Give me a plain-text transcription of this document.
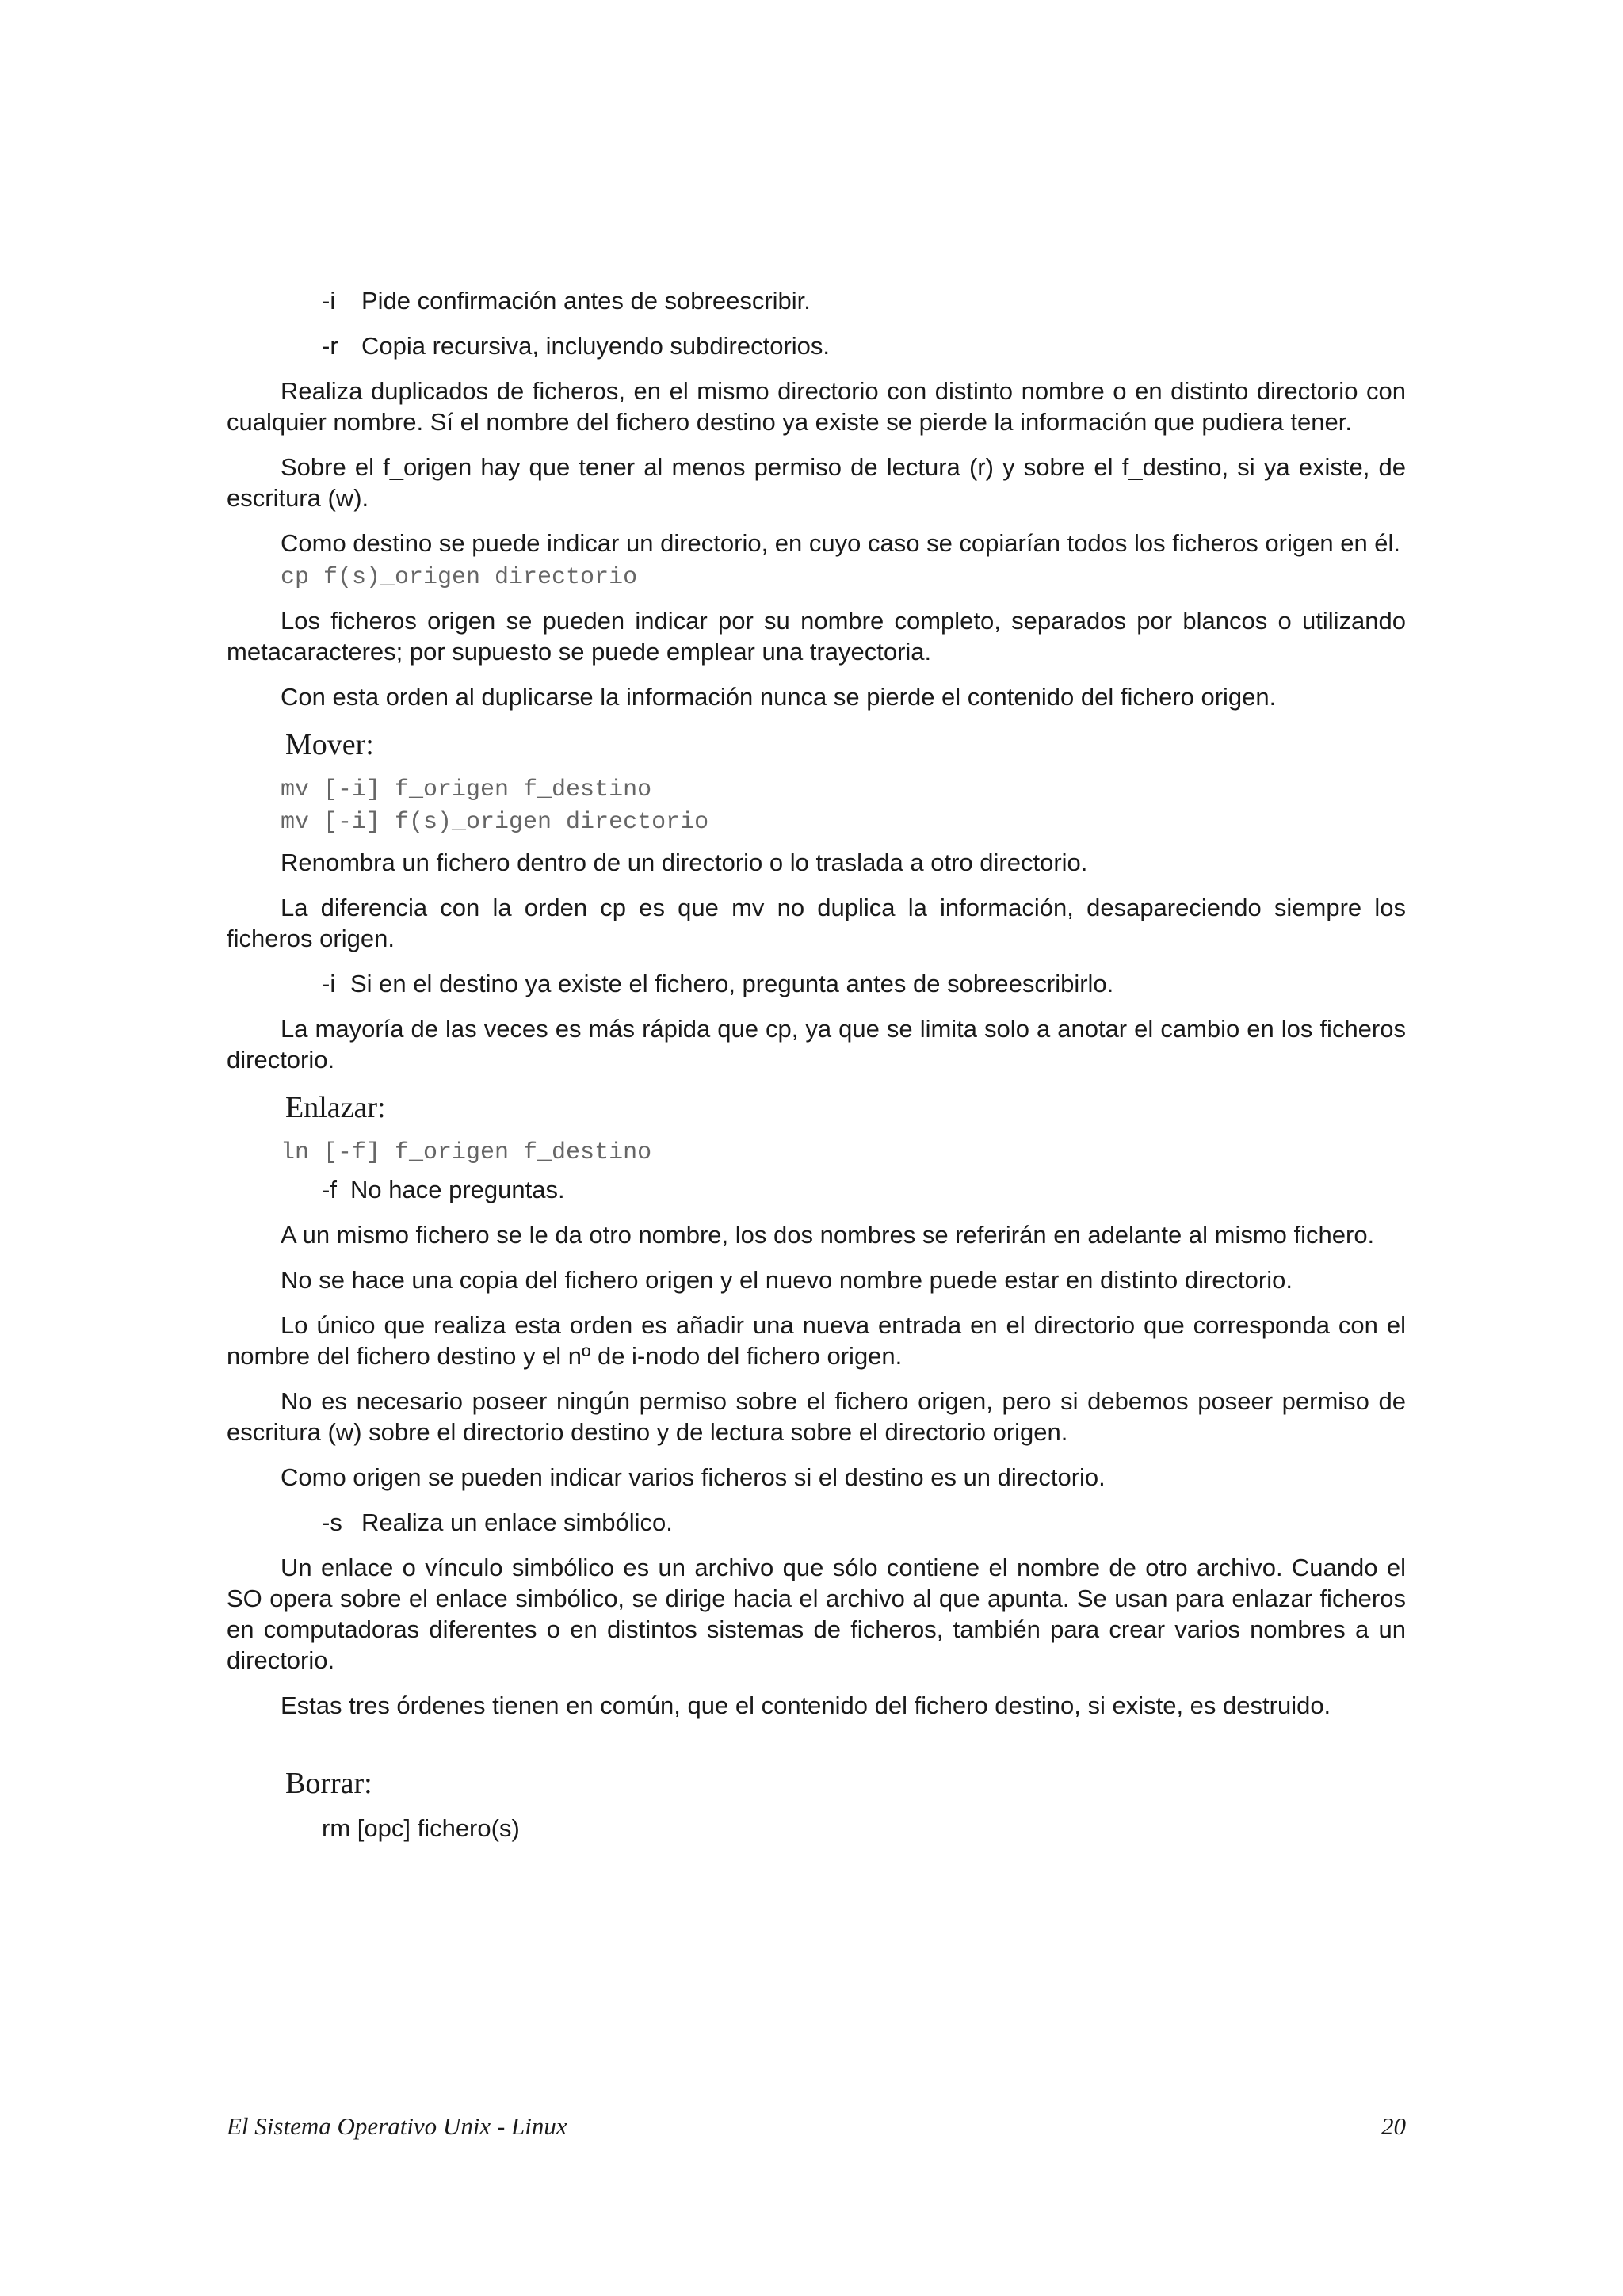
-i Pide confirmación antes de sobreescribir.
-r Copia recursiva, incluyendo subdirectorios.

Realiza duplicados de ficheros, en el mismo directorio con distinto nombre o en distinto directorio con cualquier nombre. Sí el nombre del fichero destino ya existe se pierde la información que pudiera tener.

Sobre el f_origen hay que tener al menos permiso de lectura (r) y sobre el f_destino, si ya existe, de escritura (w).

Como destino se puede indicar un directorio, en cuyo caso se copiarían todos los ficheros origen en él.

cp f(s)_origen directorio

Los ficheros origen se pueden indicar por su nombre completo, separados por blancos o utilizando metacaracteres; por supuesto se puede emplear una trayectoria.

Con esta orden al duplicarse la información nunca se pierde el contenido del fichero origen.

Mover:
mv [-i] f_origen f_destino
mv [-i] f(s)_origen directorio

Renombra un fichero dentro de un directorio o lo traslada a otro directorio.

La diferencia con la orden cp es que mv no duplica la información, desapareciendo siempre los ficheros origen.

-i Si en el destino ya existe el fichero, pregunta antes de sobreescribirlo.

La mayoría de las veces es más rápida que cp, ya que se limita solo a anotar el cambio en los ficheros directorio.

Enlazar:
ln [-f] f_origen f_destino
-f No hace preguntas.

A un mismo fichero se le da otro nombre, los dos nombres se referirán en adelante al mismo fichero.

No se hace una copia del fichero origen y el nuevo nombre puede estar en distinto directorio.

Lo único que realiza esta orden es añadir una nueva entrada en el directorio que corresponda con el nombre del fichero destino y el nº de i-nodo del fichero origen.

No es necesario poseer ningún permiso sobre el fichero origen, pero si debemos poseer permiso de escritura (w) sobre el directorio destino y de lectura sobre el directorio origen.

Como origen se pueden indicar varios ficheros si el destino es un directorio.

-s Realiza un enlace simbólico.

Un enlace o vínculo simbólico es un archivo que sólo contiene el nombre de otro archivo. Cuando el SO opera sobre el enlace simbólico, se dirige hacia el archivo al que apunta. Se usan para enlazar ficheros en computadoras diferentes o en distintos sistemas de ficheros, también para crear varios nombres a un directorio.

Estas tres órdenes tienen en común, que el contenido del fichero destino, si existe, es destruido.

Borrar:
rm [opc] fichero(s)
El Sistema Operativo Unix - Linux	20
